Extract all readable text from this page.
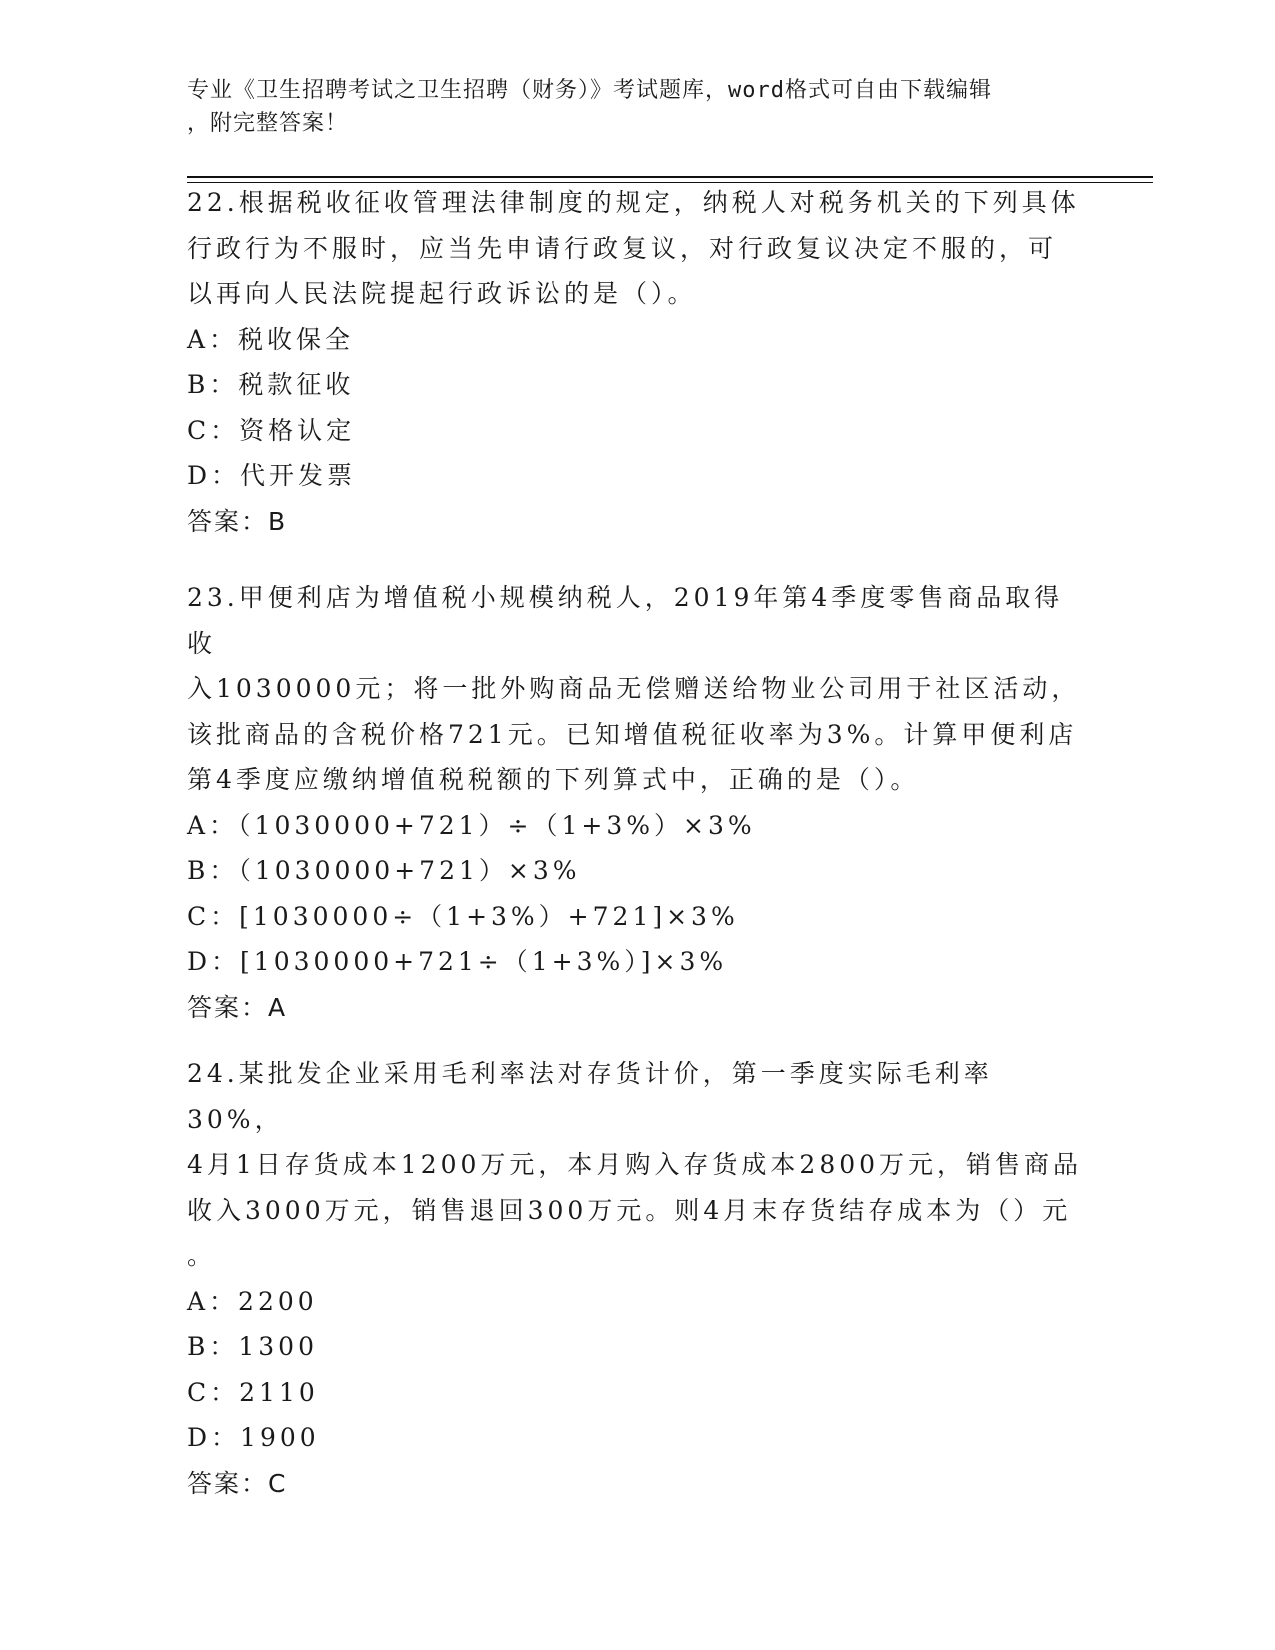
专业《卫生招聘考试之卫生招聘（财务）》考试题库，word格式可自由下载编辑
，附完整答案！

22.根据税收征收管理法律制度的规定，纳税人对税务机关的下列具体

行政行为不服时，应当先申请行政复议，对行政复议决定不服的，可

以再向人民法院提起行政诉讼的是（）。

A：税收保全

B：税款征收

C：资格认定

D：代开发票

答案：B

23.甲便利店为增值税小规模纳税人，2019年第4季度零售商品取得收

入1030000元；将一批外购商品无偿赠送给物业公司用于社区活动，

该批商品的含税价格721元。已知增值税征收率为3%。计算甲便利店

第4季度应缴纳增值税税额的下列算式中，正确的是（）。

A：（1030000+721）÷（1+3%）×3%

B：（1030000+721）×3%

C：[1030000÷（1+3%）+721]×3%

D：[1030000+721÷（1+3%）]×3%

答案：A

24.某批发企业采用毛利率法对存货计价，第一季度实际毛利率30%，

4月1日存货成本1200万元，本月购入存货成本2800万元，销售商品

收入3000万元，销售退回300万元。则4月末存货结存成本为（）元

。

A：2200

B：1300

C：2110

D：1900

答案：C
